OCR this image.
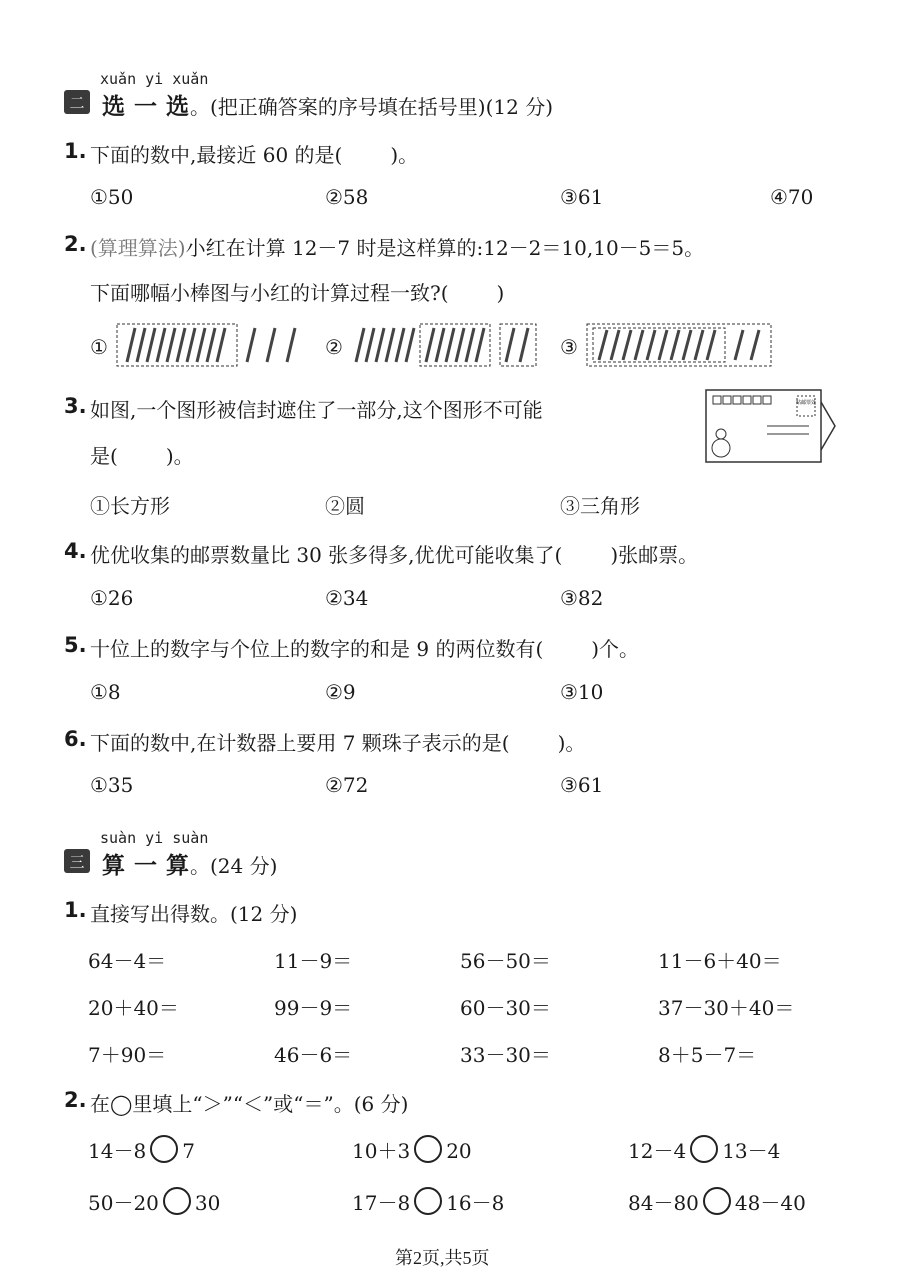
xuǎn yi xuǎn
二 选一选
。(把正确答案的序号填在括号里)(12 分)
1. 下面的数中,最接近 60 的是( )。
①50	②58	③61	④70
2. (算理算法)小红在计算 12－7 时是这样算的:12－2＝10,10－5＝5。
下面哪幅小棒图与小红的计算过程一致?( )
①	②	③
3. 如图,一个图形被信封遮住了一部分,这个图形不可能
是( )。
贴邮票处
①长方形	②圆	③三角形
4. 优优收集的邮票数量比 30 张多得多,优优可能收集了( )张邮票。
①26	②34	③82
5. 十位上的数字与个位上的数字的和是 9 的两位数有( )个。
①8	②9	③10
6. 下面的数中,在计数器上要用 7 颗珠子表示的是( )。
①35	②72	③61
suàn yi suàn
三 算一算
。(24 分)
1. 直接写出得数。(12 分)
64－4＝	11－9＝	56－50＝	11－6＋40＝
20＋40＝	99－9＝	60－30＝	37－30＋40＝
7＋90＝	46－6＝	33－30＝	8＋5－7＝
2. 在◯里填上“＞”“＜”或“＝”。(6 分)
14－8 7	10＋3 20	12－4 13－4
50－20 30	17－8 16－8	84－80 48－40
第2页,共5页
